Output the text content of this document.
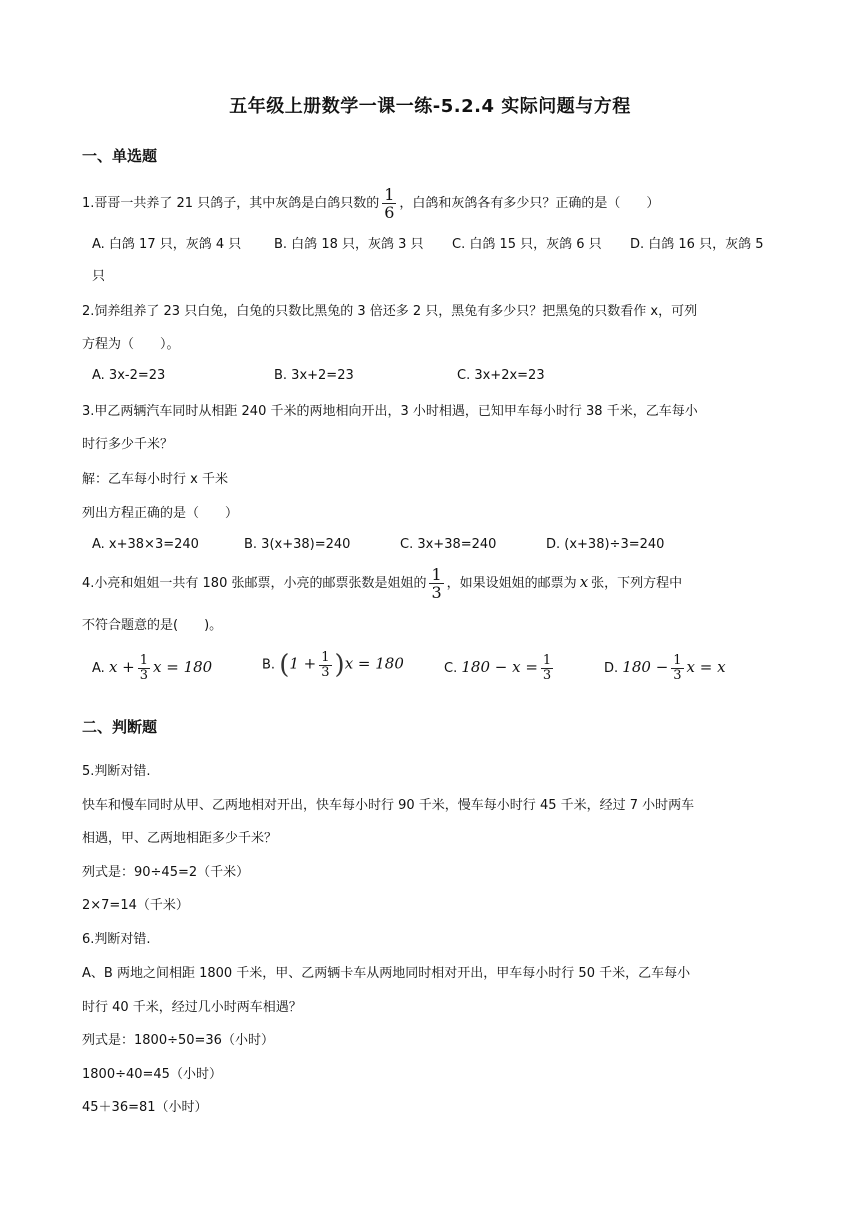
五年级上册数学一课一练-5.2.4 实际问题与方程
一、单选题
1.哥哥一共养了 21 只鸽子，其中灰鸽是白鸽只数的 $\frac{1}{6}$ ，白鸽和灰鸽各有多少只？正确的是（　　）
A. 白鸽 17 只，灰鸽 4 只	B. 白鸽 18 只，灰鸽 3 只 C. 白鸽 15 只，灰鸽 6 只 D. 白鸽 16 只，灰鸽 5
只
2.饲养组养了 23 只白兔，白兔的只数比黑兔的 3 倍还多 2 只，黑兔有多少只？把黑兔的只数看作 x，可列
方程为（　　）。
A. 3x-2=23	B. 3x+2=23	C. 3x+2x=23
3.甲乙两辆汽车同时从相距 240 千米的两地相向开出，3 小时相遇，已知甲车每小时行 38 千米，乙车每小
时行多少千米？
解：乙车每小时行 x 千米
列出方程正确的是（　　）
A. x+38×3=240	B. 3(x+38)=240	C. 3x+38=240	D. (x+38)÷3=240
4.小亮和姐姐一共有 180 张邮票，小亮的邮票张数是姐姐的 $\frac{1}{3}$ ，如果设姐姐的邮票为 x 张，下列方程中
不符合题意的是(　　)。
A. $x + \frac{1}{3}$ x = 180	B. $(1 + \frac{1}{3} )x = 180$	C. $180 - x = \frac{1}{3}$	D. $180 - \frac{1}{3}$ x = x
二、判断题
5.判断对错.
快车和慢车同时从甲、乙两地相对开出，快车每小时行 90 千米，慢车每小时行 45 千米，经过 7 小时两车
相遇，甲、乙两地相距多少千米？
列式是：90÷45=2（千米）
2×7=14（千米）
6.判断对错.
A、B 两地之间相距 1800 千米，甲、乙两辆卡车从两地同时相对开出，甲车每小时行 50 千米，乙车每小
时行 40 千米，经过几小时两车相遇？
列式是：1800÷50=36（小时）
1800÷40=45（小时）
45＋36=81（小时）
